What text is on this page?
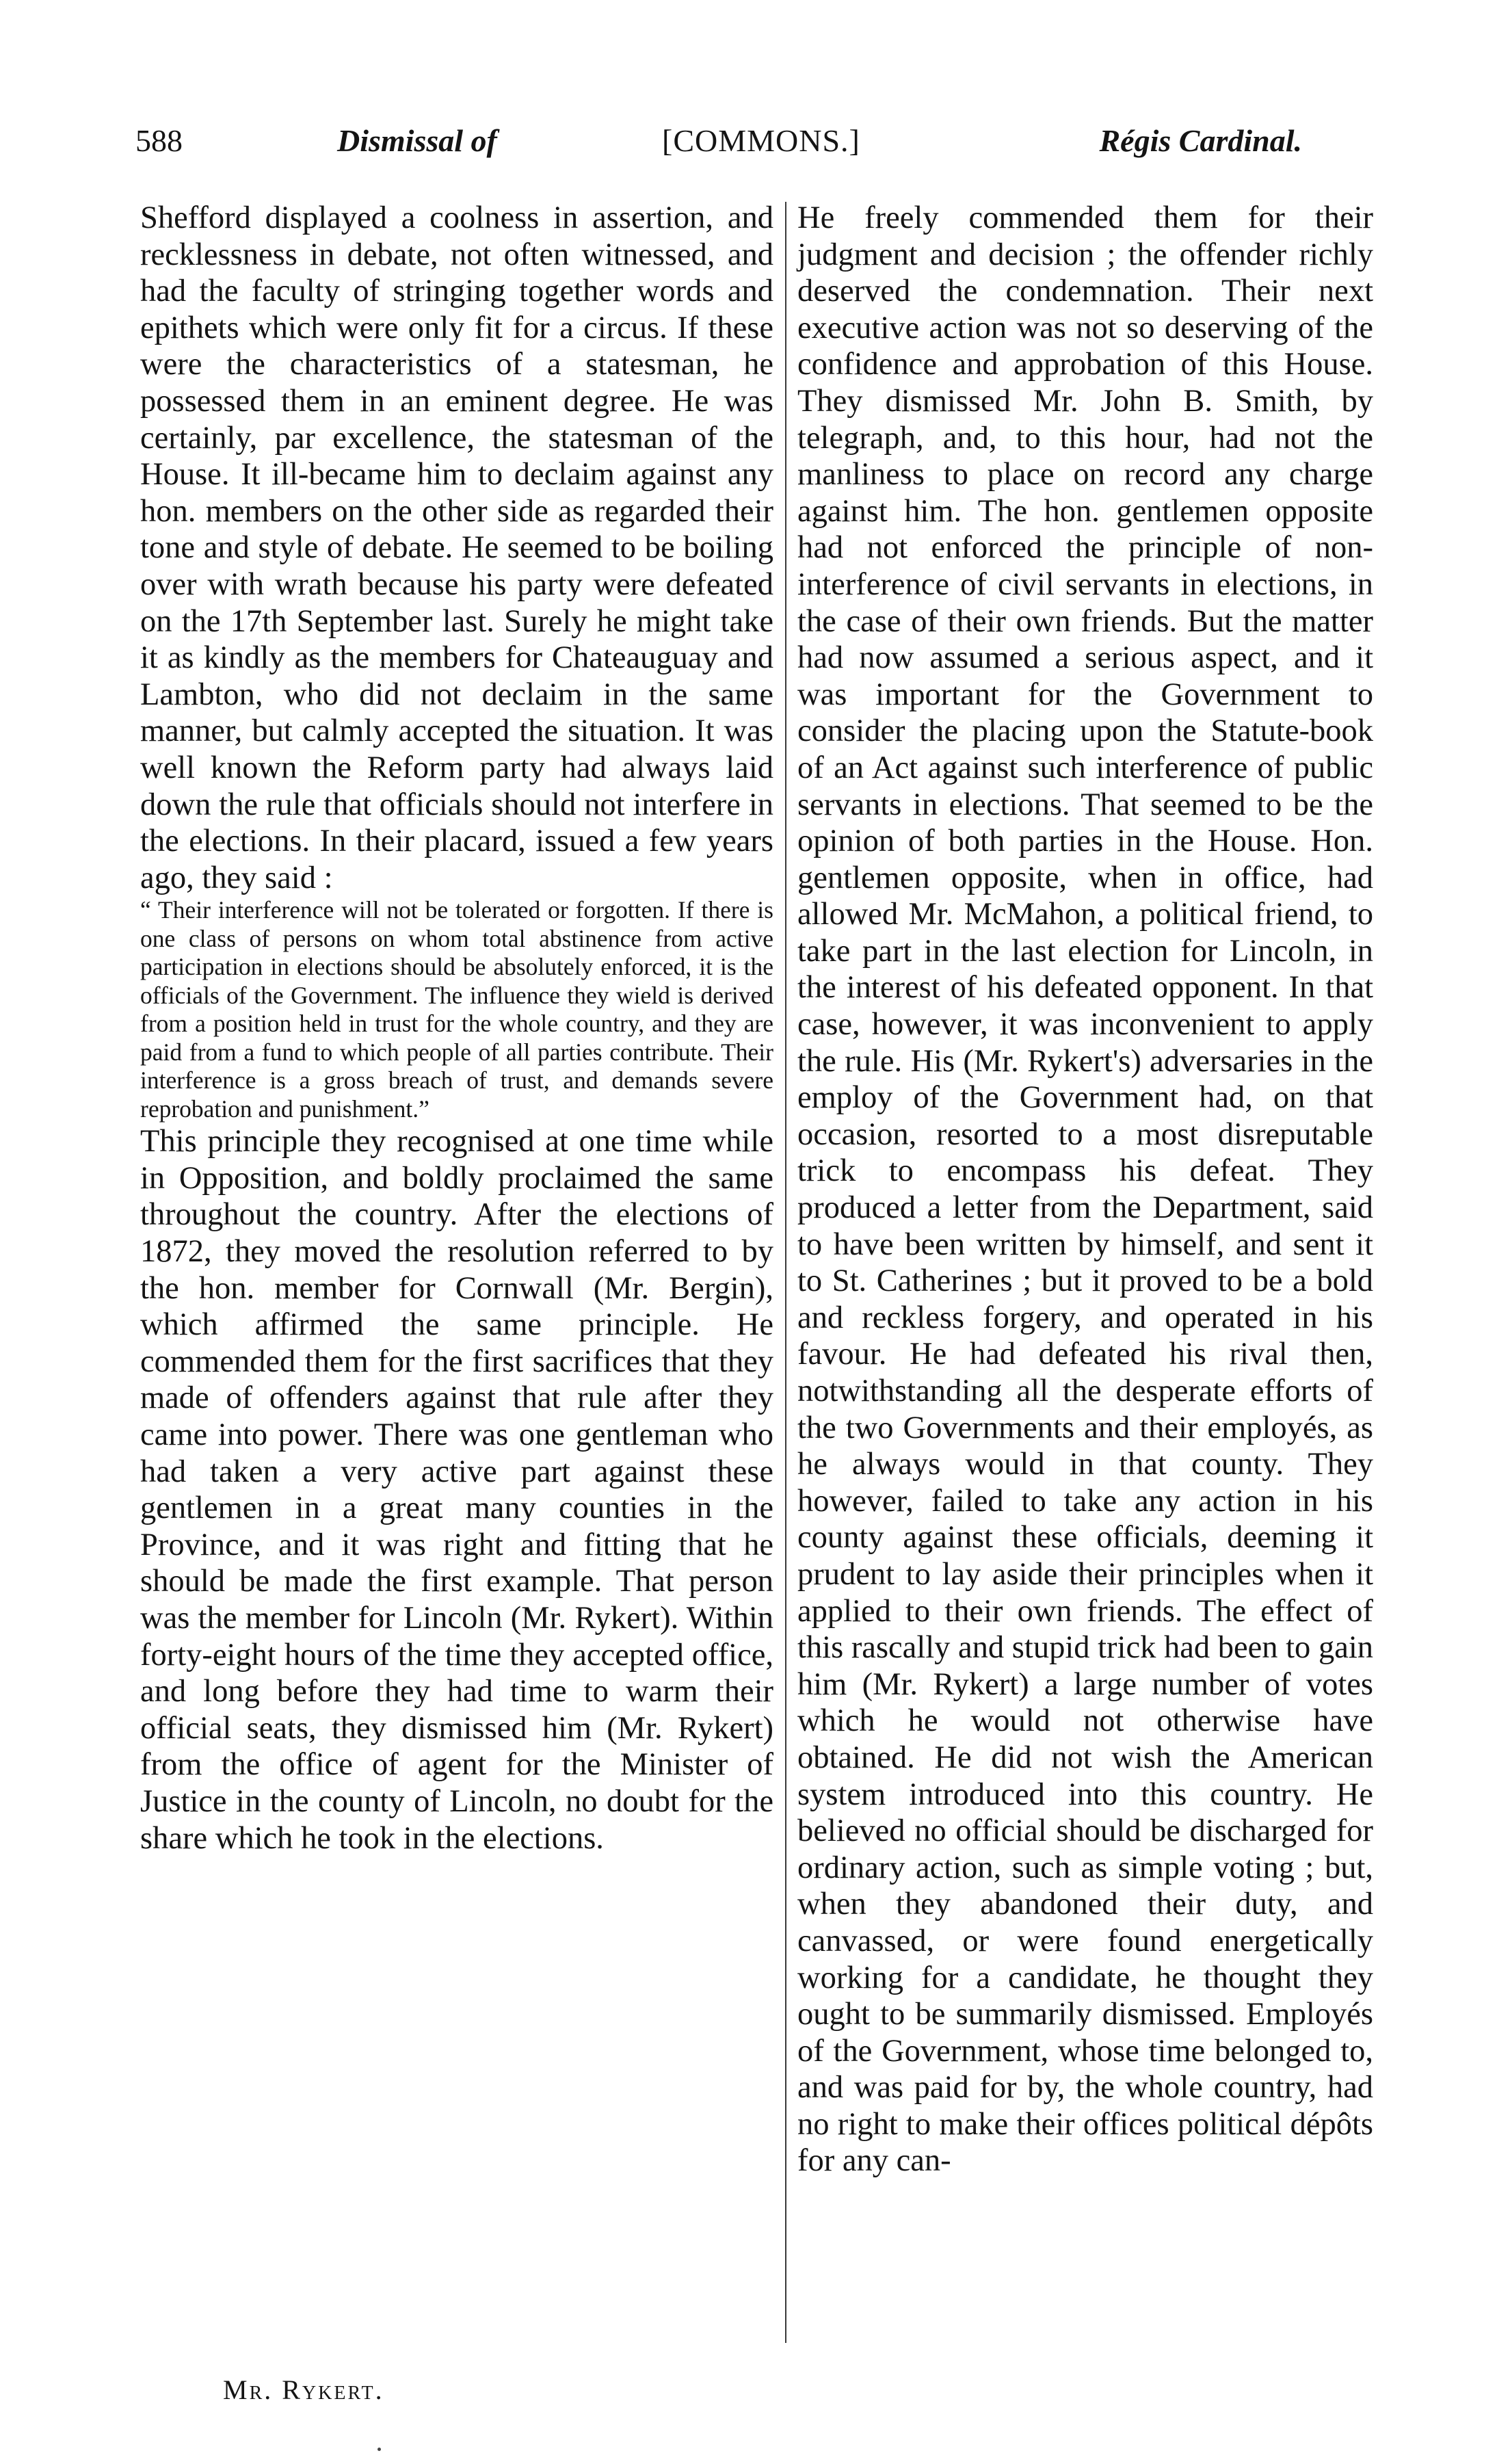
588	Dismissal of	[COMMONS.]	Régis Cardinal.

Shefford displayed a coolness in assertion, and recklessness in debate, not often witnessed, and had the faculty of stringing together words and epithets which were only fit for a circus. If these were the characteristics of a statesman, he possessed them in an eminent degree. He was certainly, par excellence, the statesman of the House. It ill-became him to declaim against any hon. members on the other side as regarded their tone and style of debate. He seemed to be boiling over with wrath because his party were defeated on the 17th September last. Surely he might take it as kindly as the members for Chateauguay and Lambton, who did not declaim in the same manner, but calmly accepted the situation. It was well known the Reform party had always laid down the rule that officials should not interfere in the elections. In their placard, issued a few years ago, they said :

“ Their interference will not be tolerated or forgotten. If there is one class of persons on whom total abstinence from active participation in elections should be absolutely enforced, it is the officials of the Government. The influence they wield is derived from a position held in trust for the whole country, and they are paid from a fund to which people of all parties contribute. Their interference is a gross breach of trust, and demands severe reprobation and punishment.”

This principle they recognised at one time while in Opposition, and boldly proclaimed the same throughout the country. After the elections of 1872, they moved the resolution referred to by the hon. member for Cornwall (Mr. Bergin), which affirmed the same principle. He commended them for the first sacrifices that they made of offenders against that rule after they came into power. There was one gentleman who had taken a very active part against these gentlemen in a great many counties in the Province, and it was right and fitting that he should be made the first example. That person was the member for Lincoln (Mr. Rykert). Within forty-eight hours of the time they accepted office, and long before they had time to warm their official seats, they dismissed him (Mr. Rykert) from the office of agent for the Minister of Justice in the county of Lincoln, no doubt for the share which he took in the elections.

He freely commended them for their judgment and decision ; the offender richly deserved the condemnation. Their next executive action was not so deserving of the confidence and approbation of this House. They dismissed Mr. John B. Smith, by telegraph, and, to this hour, had not the manliness to place on record any charge against him. The hon. gentlemen opposite had not enforced the principle of non-interference of civil servants in elections, in the case of their own friends. But the matter had now assumed a serious aspect, and it was important for the Government to consider the placing upon the Statute-book of an Act against such interference of public servants in elections. That seemed to be the opinion of both parties in the House. Hon. gentlemen opposite, when in office, had allowed Mr. McMahon, a political friend, to take part in the last election for Lincoln, in the interest of his defeated opponent. In that case, however, it was inconvenient to apply the rule. His (Mr. Rykert's) adversaries in the employ of the Government had, on that occasion, resorted to a most disreputable trick to encompass his defeat. They produced a letter from the Department, said to have been written by himself, and sent it to St. Catherines ; but it proved to be a bold and reckless forgery, and operated in his favour. He had defeated his rival then, notwithstanding all the desperate efforts of the two Governments and their employés, as he always would in that county. They however, failed to take any action in his county against these officials, deeming it prudent to lay aside their principles when it applied to their own friends. The effect of this rascally and stupid trick had been to gain him (Mr. Rykert) a large number of votes which he would not otherwise have obtained. He did not wish the American system introduced into this country. He believed no official should be discharged for ordinary action, such as simple voting ; but, when they abandoned their duty, and canvassed, or were found energetically working for a candidate, he thought they ought to be summarily dismissed. Employés of the Government, whose time belonged to, and was paid for by, the whole country, had no right to make their offices political dépôts for any can-

Mr. Rykert.
